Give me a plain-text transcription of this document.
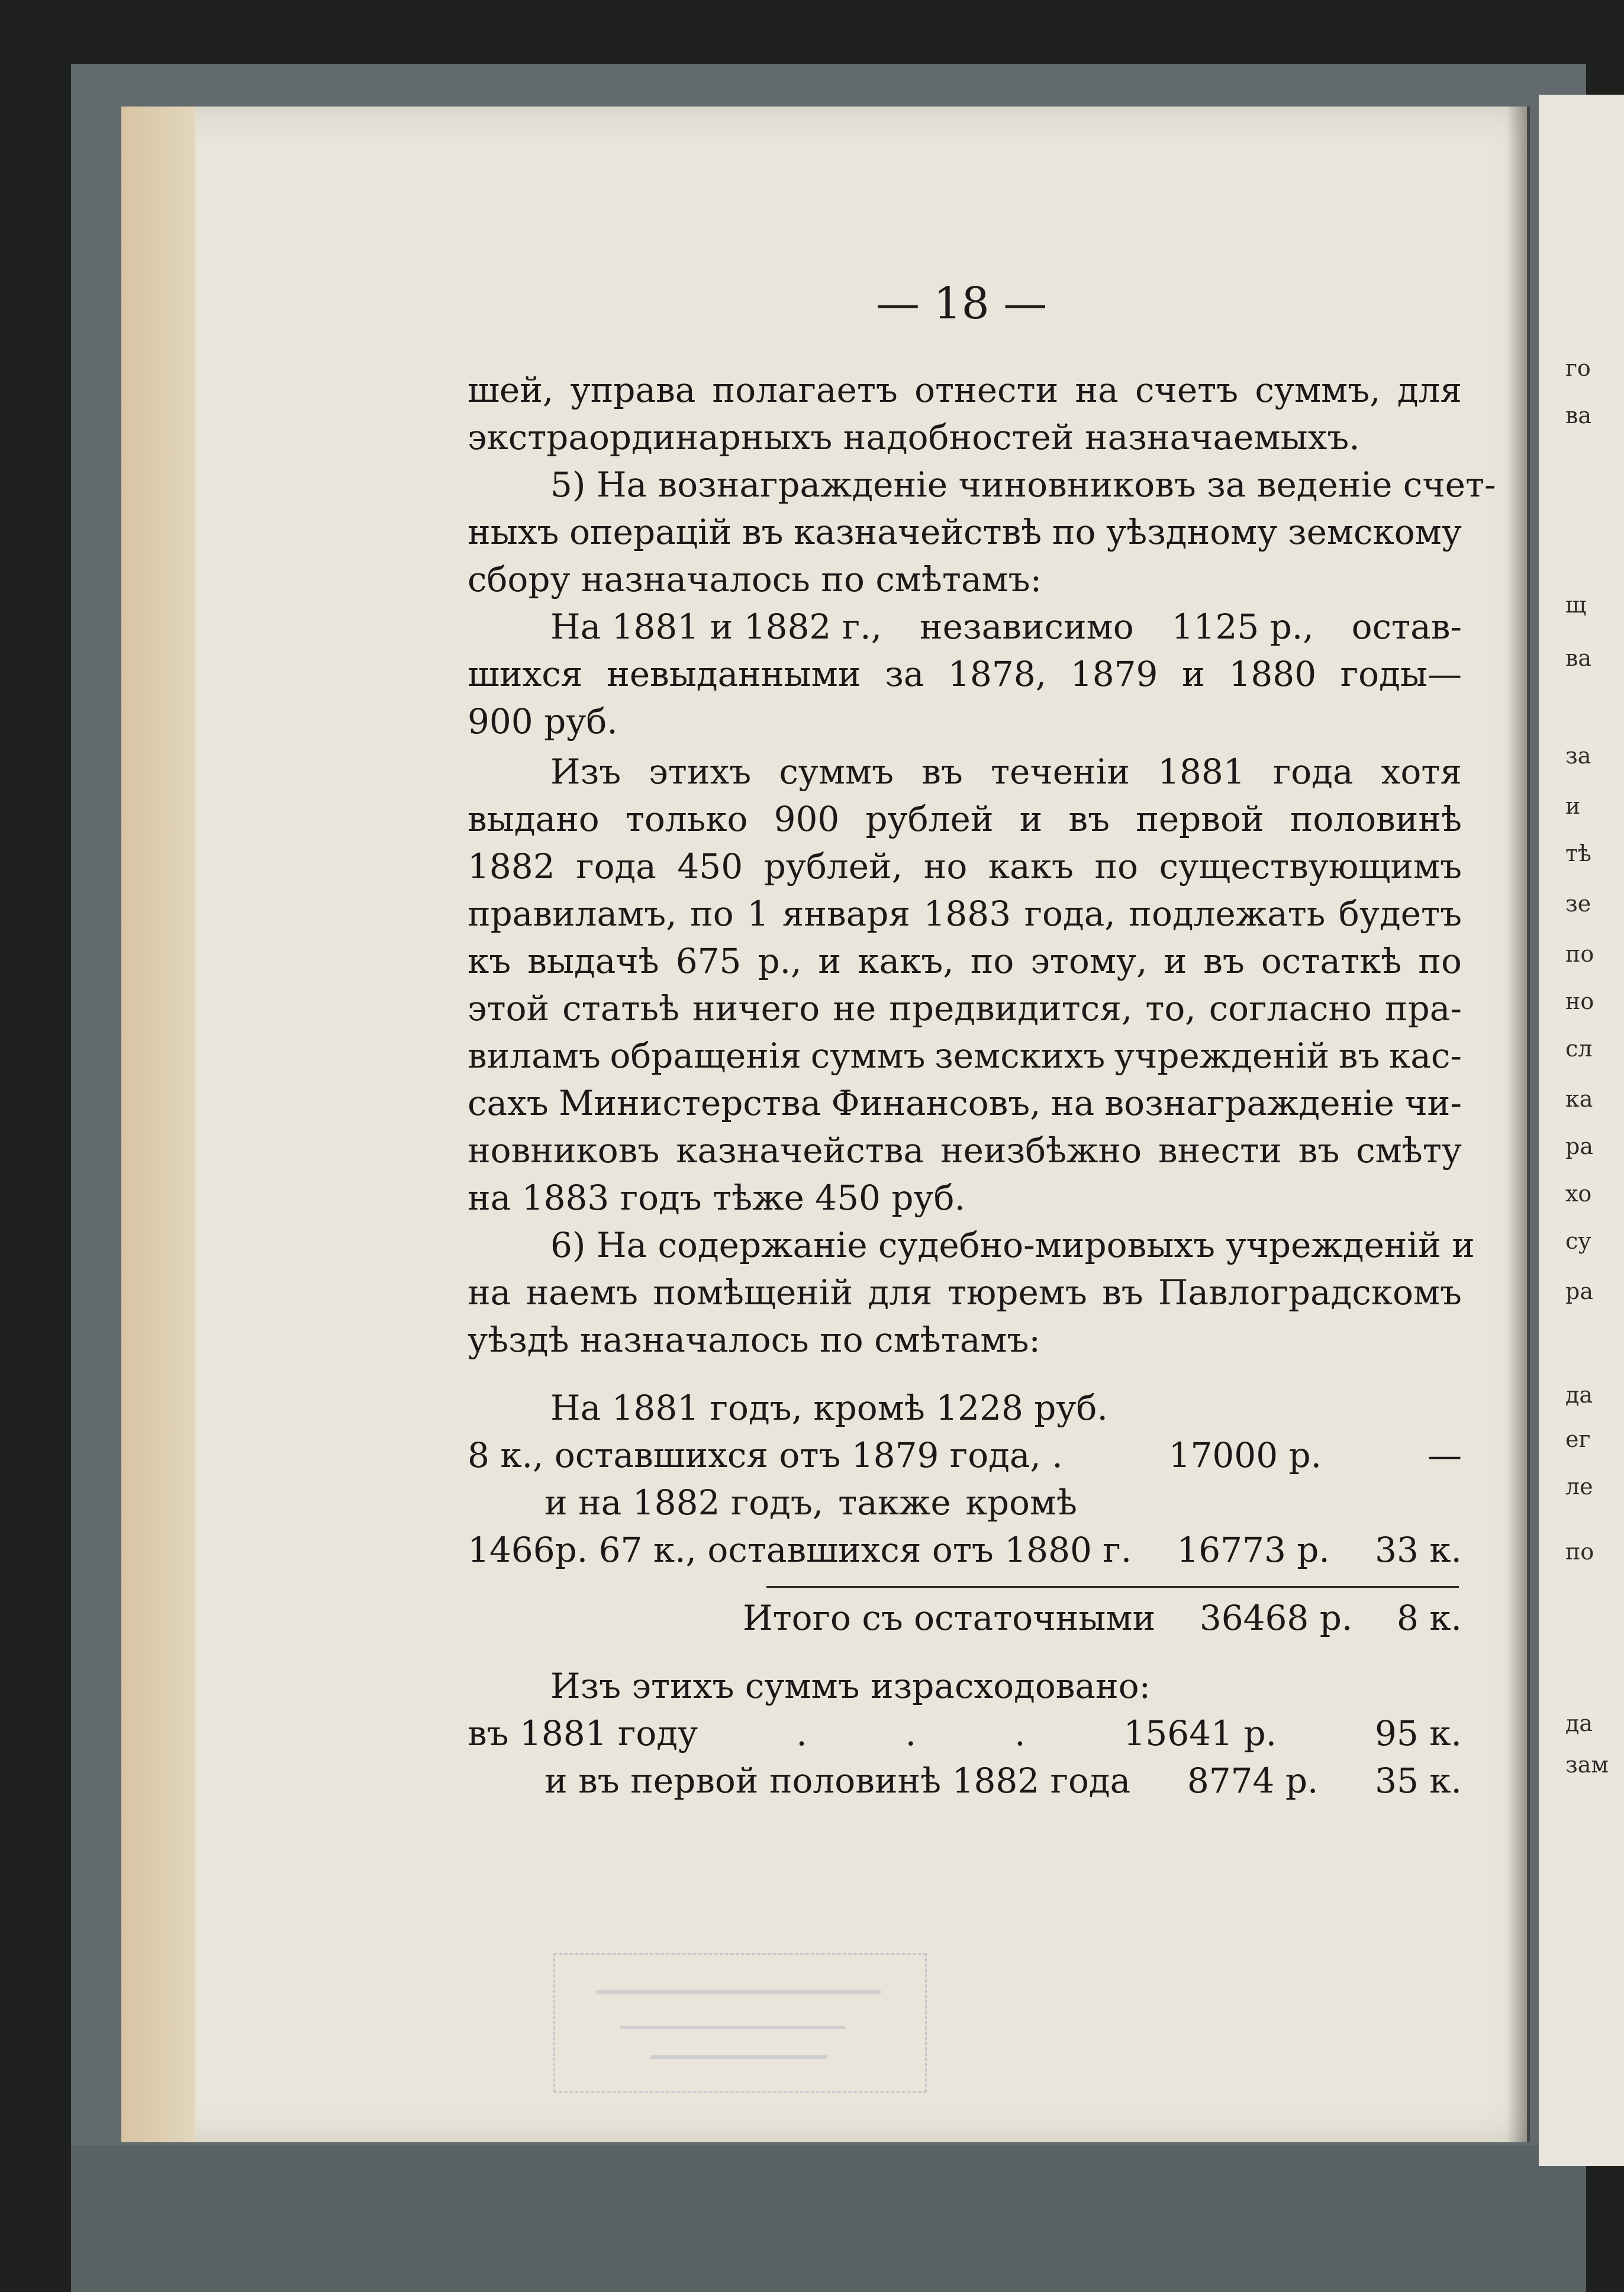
го
ва
щ
ва
за
и
тѣ
зе
по
но
сл
ка
ра
хо
су
ра
да
ег
ле
по
да
зам
— 18 —
шей, управа полагаетъ отнести на счетъ суммъ, для
экстраординарныхъ надобностей назначаемыхъ.
5) На вознагражденіе чиновниковъ за веденіе счет-
ныхъ операцій въ казначействѣ по уѣздному земскому
сбору назначалось по смѣтамъ:
На 1881 и 1882 г., независимо 1125 р., остав-
шихся невыданными за 1878, 1879 и 1880 годы—
900 руб.
Изъ этихъ суммъ въ теченіи 1881 года хотя
выдано только 900 рублей и въ первой половинѣ
1882 года 450 рублей, но какъ по существующимъ
правиламъ, по 1 января 1883 года, подлежать будетъ
къ выдачѣ 675 р., и какъ, по этому, и въ остаткѣ по
этой статьѣ ничего не предвидится, то, согласно пра-
виламъ обращенія суммъ земскихъ учрежденій въ кас-
сахъ Министерства Финансовъ, на вознагражденіе чи-
новниковъ казначейства неизбѣжно внести въ смѣту
на 1883 годъ тѣже 450 руб.
6) На содержаніе судебно-мировыхъ учрежденій и
на наемъ помѣщеній для тюремъ въ Павлоградскомъ
уѣздѣ назначалось по смѣтамъ:
На 1881 годъ, кромѣ 1228 руб.
8 к., оставшихся отъ 1879 года, .	17000 р.	—
и на 1882 годъ, также кромѣ
1466р. 67 к., оставшихся отъ 1880 г. 16773 р. 33 к.
Итого съ остаточными 36468 р. 8 к.
Изъ этихъ суммъ израсходовано:
въ 1881 году	.	.	.	15641 р.	95 к.
и въ первой половинѣ 1882 года 8774 р. 35 к.
